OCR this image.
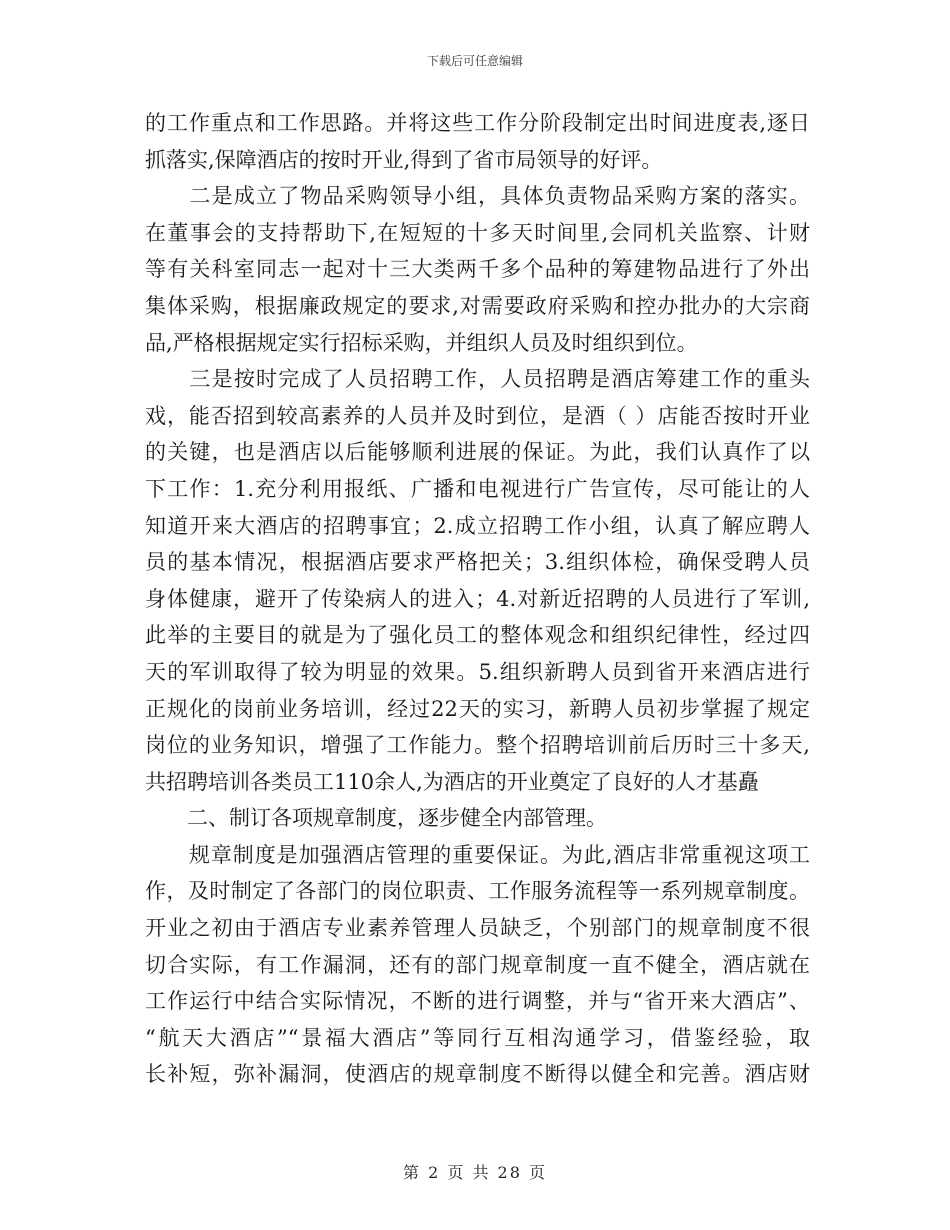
下载后可任意编辑
的工作重点和工作思路。并将这些工作分阶段制定出时间进度表,逐日
抓落实,保障酒店的按时开业,得到了省市局领导的好评。
　　二是成立了物品采购领导小组，具体负责物品采购方案的落实。
在董事会的支持帮助下,在短短的十多天时间里,会同机关监察、计财
等有关科室同志一起对十三大类两千多个品种的筹建物品进行了外出
集体采购，根据廉政规定的要求,对需要政府采购和控办批办的大宗商
品,严格根据规定实行招标采购，并组织人员及时组织到位。
　　三是按时完成了人员招聘工作，人员招聘是酒店筹建工作的重头
戏，能否招到较高素养的人员并及时到位，是酒（ ）店能否按时开业
的关键，也是酒店以后能够顺利进展的保证。为此，我们认真作了以
下工作：1.充分利用报纸、广播和电视进行广告宣传，尽可能让的人
知道开来大酒店的招聘事宜；2.成立招聘工作小组，认真了解应聘人
员的基本情况，根据酒店要求严格把关；3.组织体检，确保受聘人员
身体健康，避开了传染病人的进入；4.对新近招聘的人员进行了军训,
此举的主要目的就是为了强化员工的整体观念和组织纪律性，经过四
天的军训取得了较为明显的效果。5.组织新聘人员到省开来酒店进行
正规化的岗前业务培训，经过22天的实习，新聘人员初步掌握了规定
岗位的业务知识，增强了工作能力。整个招聘培训前后历时三十多天,
共招聘培训各类员工110余人,为酒店的开业奠定了良好的人才基矗
　　二、制订各项规章制度，逐步健全内部管理。
　　规章制度是加强酒店管理的重要保证。为此,酒店非常重视这项工
作，及时制定了各部门的岗位职责、工作服务流程等一系列规章制度。
开业之初由于酒店专业素养管理人员缺乏，个别部门的规章制度不很
切合实际，有工作漏洞，还有的部门规章制度一直不健全，酒店就在
工作运行中结合实际情况，不断的进行调整，并与“省开来大酒店”、
“航天大酒店”“景福大酒店”等同行互相沟通学习，借鉴经验，取
长补短，弥补漏洞，使酒店的规章制度不断得以健全和完善。酒店财
第 2 页 共 28 页
